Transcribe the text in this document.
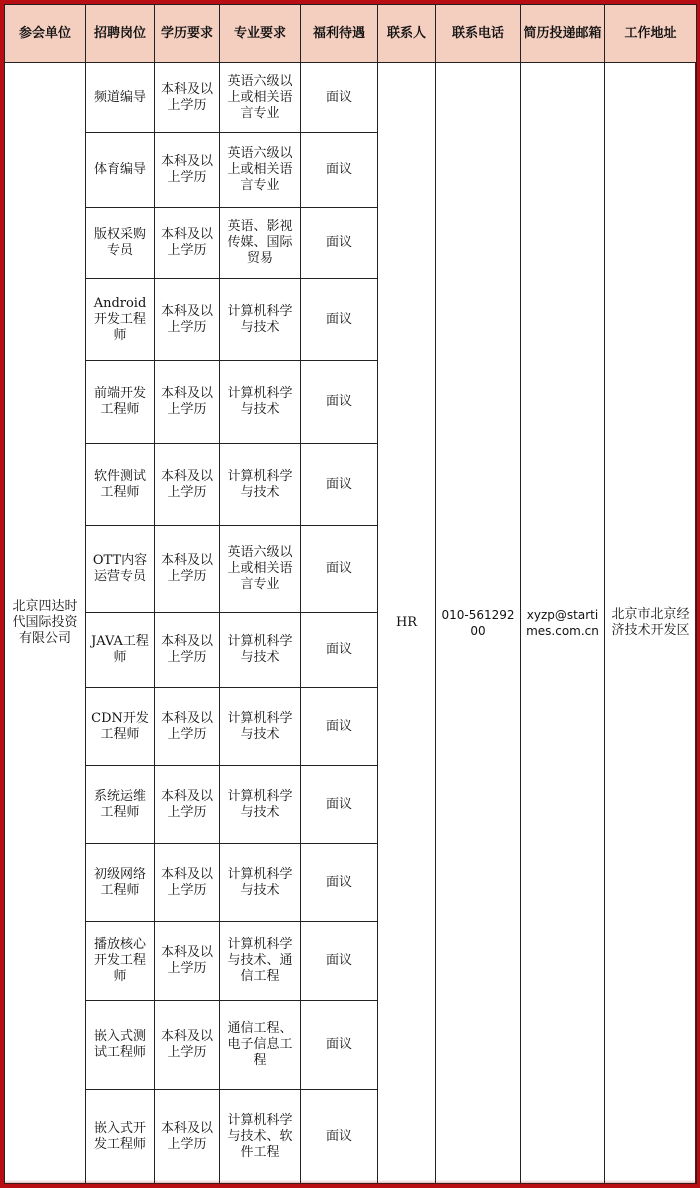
参会单位	招聘岗位	学历要求	专业要求	福利待遇	联系人	联系电话	简历投递邮箱	工作地址
北京四达时代国际投资有限公司	频道编导	本科及以上学历	英语六级以上或相关语言专业	面议	HR	010-56129200	xyzp@startimes.com.cn	北京市北京经济技术开发区
	体育编导	本科及以上学历	英语六级以上或相关语言专业	面议				
	版权采购专员	本科及以上学历	英语、影视传媒、国际贸易	面议				
	Android开发工程师	本科及以上学历	计算机科学与技术	面议				
	前端开发工程师	本科及以上学历	计算机科学与技术	面议				
	软件测试工程师	本科及以上学历	计算机科学与技术	面议				
	OTT内容运营专员	本科及以上学历	英语六级以上或相关语言专业	面议				
	JAVA工程师	本科及以上学历	计算机科学与技术	面议				
	CDN开发工程师	本科及以上学历	计算机科学与技术	面议				
	系统运维工程师	本科及以上学历	计算机科学与技术	面议				
	初级网络工程师	本科及以上学历	计算机科学与技术	面议				
	播放核心开发工程师	本科及以上学历	计算机科学与技术、通信工程	面议				
	嵌入式测试工程师	本科及以上学历	通信工程、电子信息工程	面议				
	嵌入式开发工程师	本科及以上学历	计算机科学与技术、软件工程	面议				
